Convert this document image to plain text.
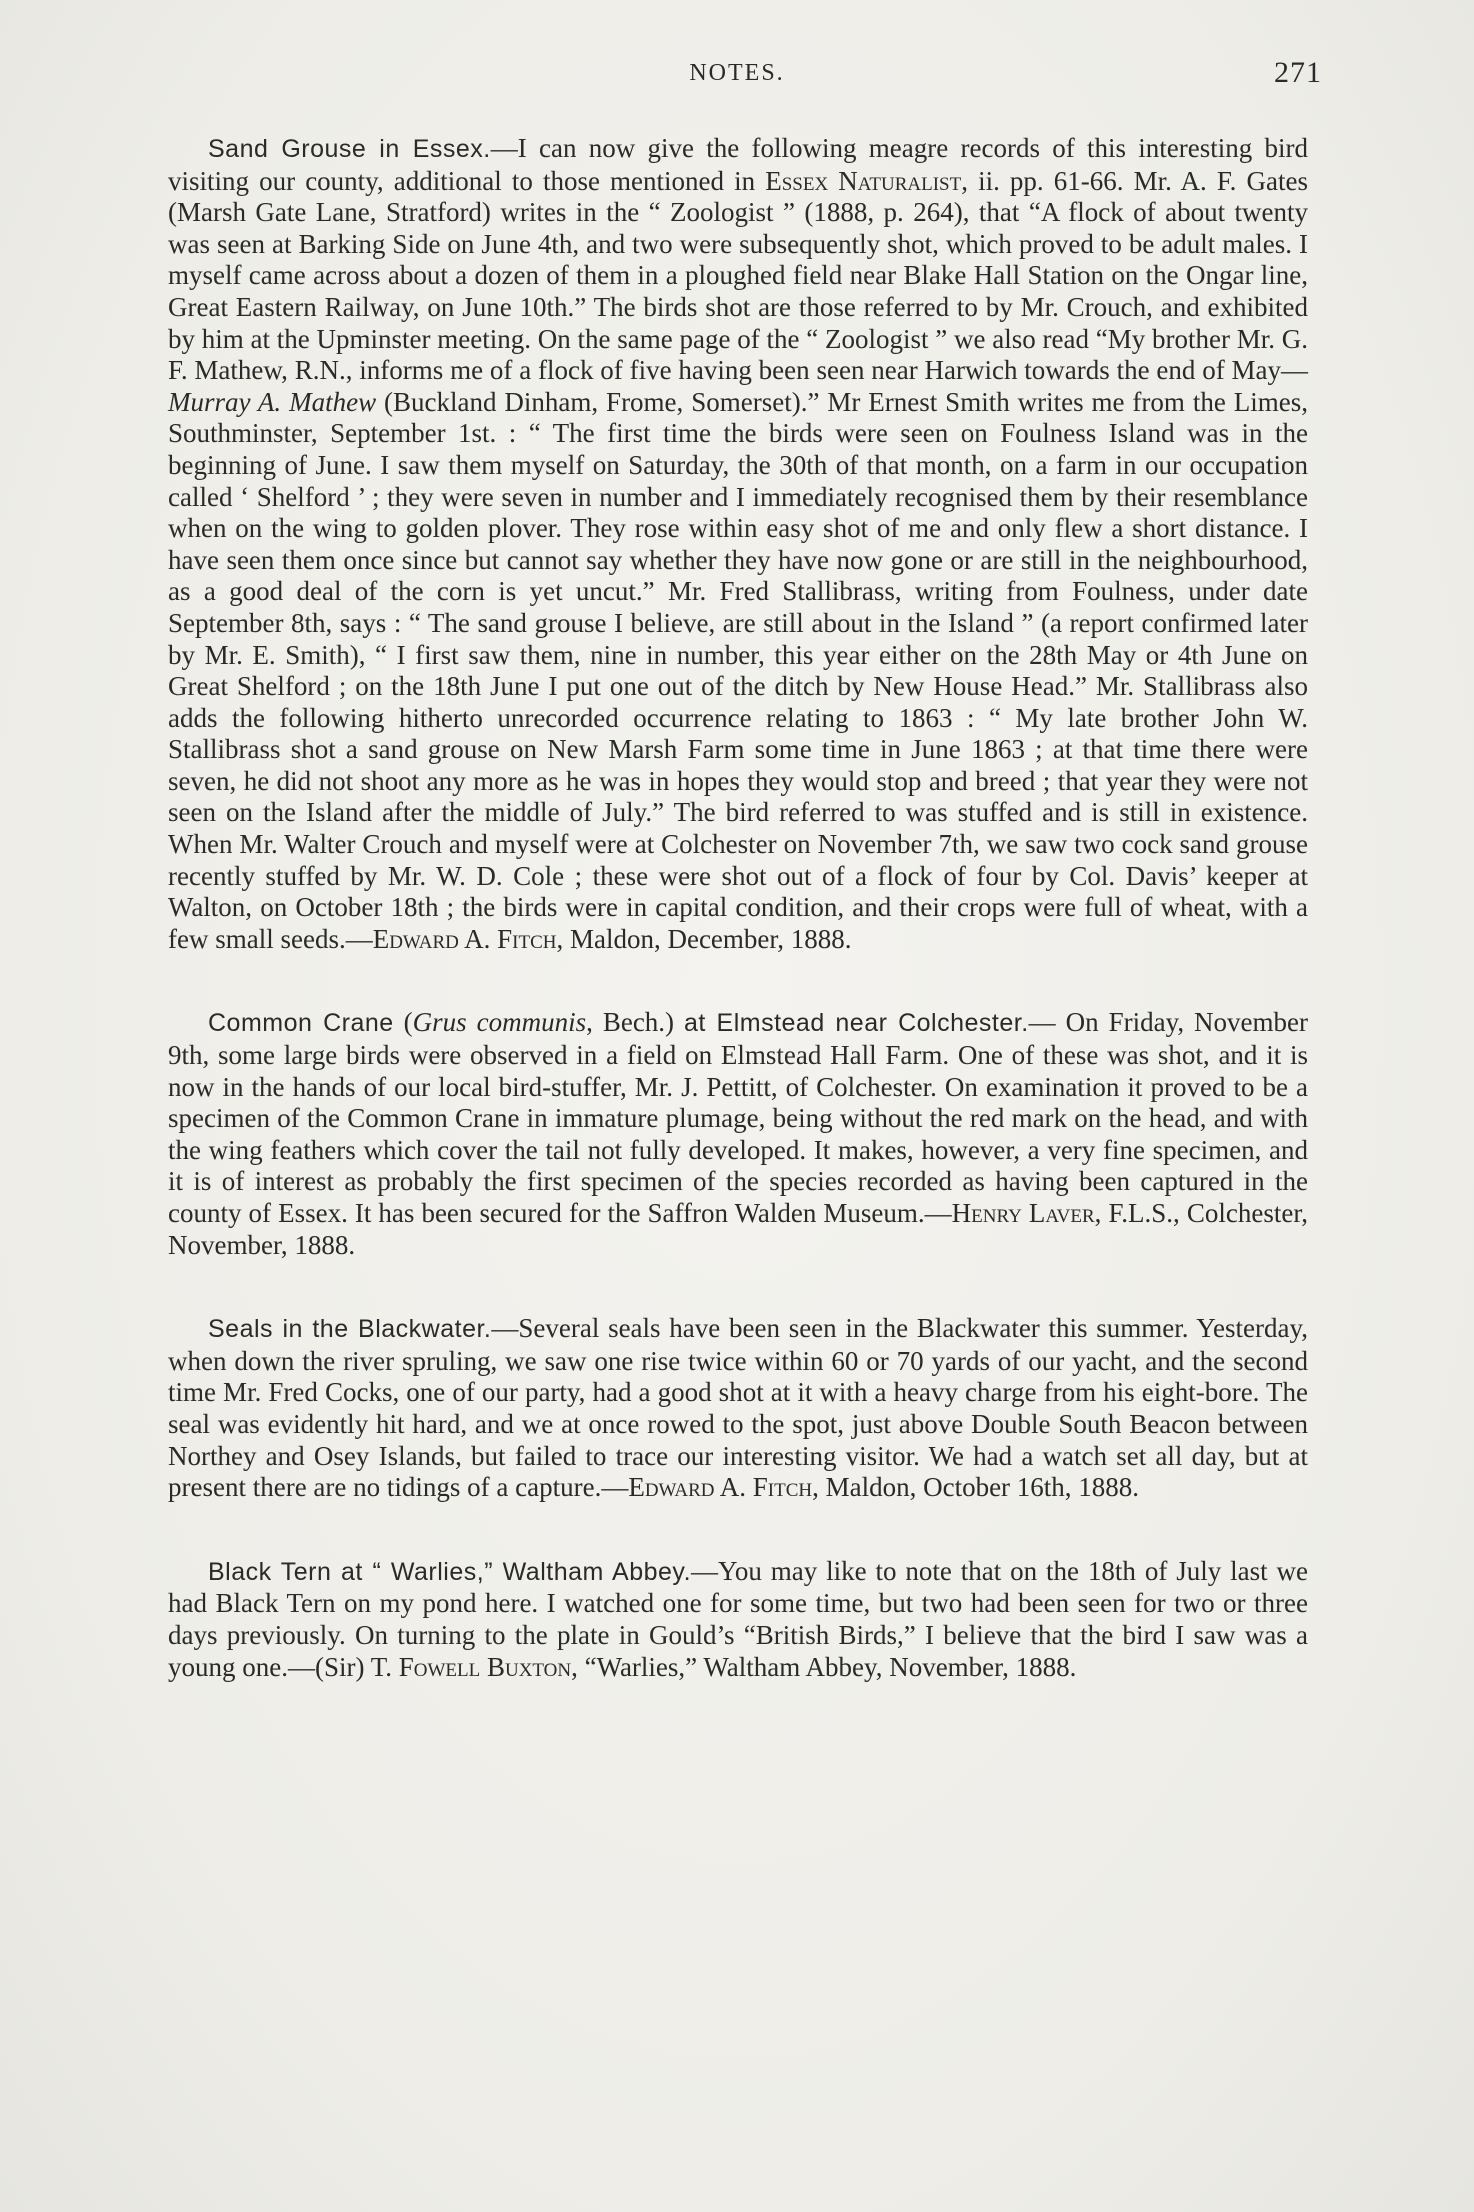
NOTES.	271

Sand Grouse in Essex.—I can now give the following meagre records of this interesting bird visiting our county, additional to those mentioned in Essex Naturalist, ii. pp. 61-66. Mr. A. F. Gates (Marsh Gate Lane, Stratford) writes in the “ Zoologist ” (1888, p. 264), that “A flock of about twenty was seen at Barking Side on June 4th, and two were subsequently shot, which proved to be adult males. I myself came across about a dozen of them in a ploughed field near Blake Hall Station on the Ongar line, Great Eastern Railway, on June 10th.” The birds shot are those referred to by Mr. Crouch, and exhibited by him at the Upminster meeting. On the same page of the “ Zoologist ” we also read “My brother Mr. G. F. Mathew, R.N., informs me of a flock of five having been seen near Harwich towards the end of May—Murray A. Mathew (Buckland Dinham, Frome, Somerset).” Mr Ernest Smith writes me from the Limes, Southminster, September 1st. : “ The first time the birds were seen on Foulness Island was in the beginning of June. I saw them myself on Saturday, the 30th of that month, on a farm in our occupation called ‘ Shelford ’ ; they were seven in number and I immediately recognised them by their resemblance when on the wing to golden plover. They rose within easy shot of me and only flew a short distance. I have seen them once since but cannot say whether they have now gone or are still in the neighbourhood, as a good deal of the corn is yet uncut.” Mr. Fred Stallibrass, writing from Foulness, under date September 8th, says : “ The sand grouse I believe, are still about in the Island ” (a report confirmed later by Mr. E. Smith), “ I first saw them, nine in number, this year either on the 28th May or 4th June on Great Shelford ; on the 18th June I put one out of the ditch by New House Head.” Mr. Stallibrass also adds the following hitherto unrecorded occurrence relating to 1863 : “ My late brother John W. Stallibrass shot a sand grouse on New Marsh Farm some time in June 1863 ; at that time there were seven, he did not shoot any more as he was in hopes they would stop and breed ; that year they were not seen on the Island after the middle of July.” The bird referred to was stuffed and is still in existence. When Mr. Walter Crouch and myself were at Colchester on November 7th, we saw two cock sand grouse recently stuffed by Mr. W. D. Cole ; these were shot out of a flock of four by Col. Davis’ keeper at Walton, on October 18th ; the birds were in capital condition, and their crops were full of wheat, with a few small seeds.—Edward A. Fitch, Maldon, December, 1888.

Common Crane (Grus communis, Bech.) at Elmstead near Colchester.— On Friday, November 9th, some large birds were observed in a field on Elmstead Hall Farm. One of these was shot, and it is now in the hands of our local bird-stuffer, Mr. J. Pettitt, of Colchester. On examination it proved to be a specimen of the Common Crane in immature plumage, being without the red mark on the head, and with the wing feathers which cover the tail not fully developed. It makes, however, a very fine specimen, and it is of interest as probably the first specimen of the species recorded as having been captured in the county of Essex. It has been secured for the Saffron Walden Museum.—Henry Laver, F.L.S., Colchester, November, 1888.

Seals in the Blackwater.—Several seals have been seen in the Blackwater this summer. Yesterday, when down the river spruling, we saw one rise twice within 60 or 70 yards of our yacht, and the second time Mr. Fred Cocks, one of our party, had a good shot at it with a heavy charge from his eight-bore. The seal was evidently hit hard, and we at once rowed to the spot, just above Double South Beacon between Northey and Osey Islands, but failed to trace our interesting visitor. We had a watch set all day, but at present there are no tidings of a capture.—Edward A. Fitch, Maldon, October 16th, 1888.

Black Tern at “ Warlies,” Waltham Abbey.—You may like to note that on the 18th of July last we had Black Tern on my pond here. I watched one for some time, but two had been seen for two or three days previously. On turning to the plate in Gould’s “British Birds,” I believe that the bird I saw was a young one.—(Sir) T. Fowell Buxton, “Warlies,” Waltham Abbey, November, 1888.
